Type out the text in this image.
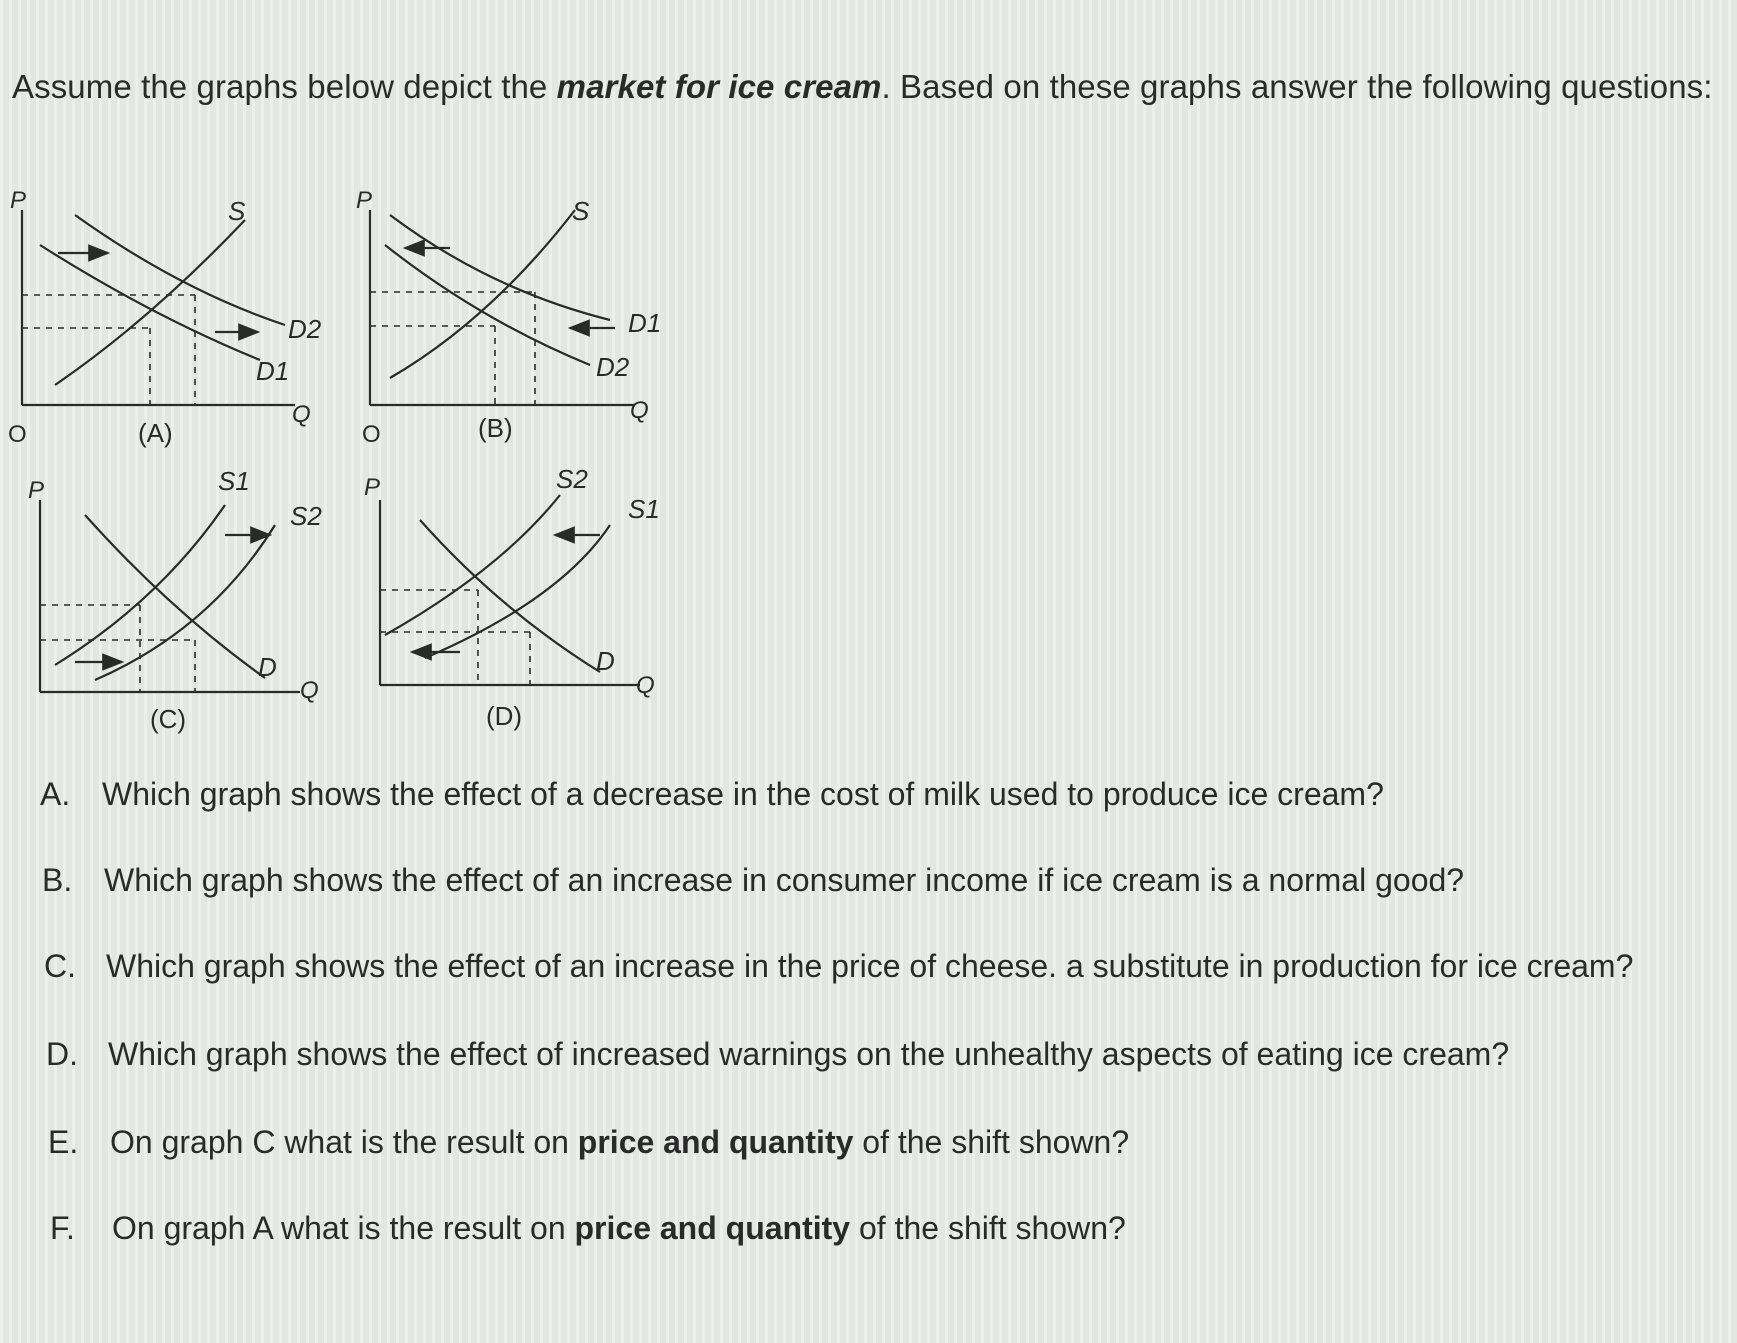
Assume the graphs below depict the market for ice cream. Based on these graphs answer the following questions:
P
O
Q
S
D2
D1
(A)
P
O
Q
S
D1
D2
(B)
P
Q
S1
S2
D
(C)
P
Q
S2
S1
D
(D)
A. Which graph shows the effect of a decrease in the cost of milk used to produce ice cream?
B. Which graph shows the effect of an increase in consumer income if ice cream is a normal good?
C. Which graph shows the effect of an increase in the price of cheese. a substitute in production for ice cream?
D. Which graph shows the effect of increased warnings on the unhealthy aspects of eating ice cream?
E. On graph C what is the result on price and quantity of the shift shown?
F. On graph A what is the result on price and quantity of the shift shown?
